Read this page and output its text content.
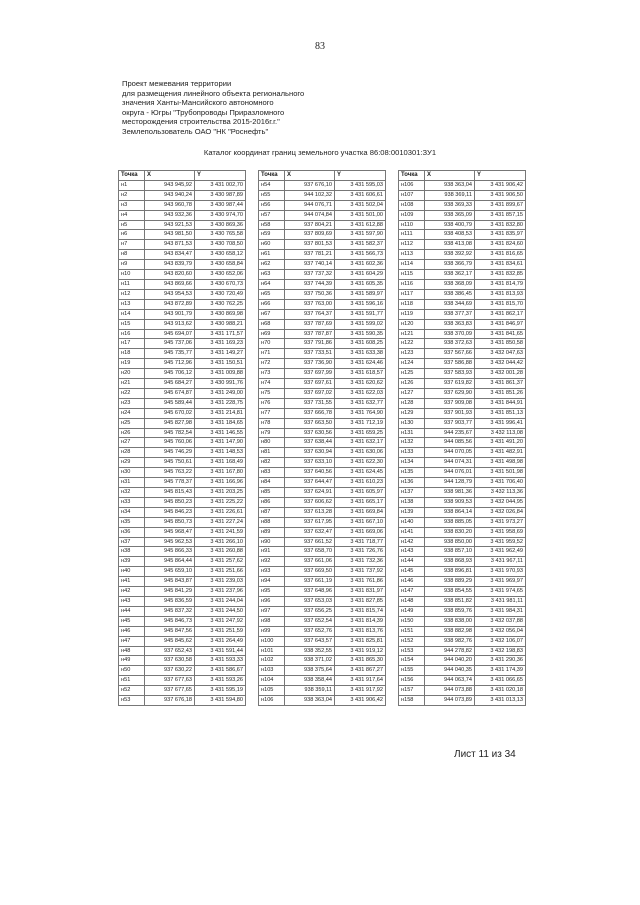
83
Проект межевания территории
для размещения линейного объекта регионального
значения Ханты-Мансийского автономного
округа - Югры "Трубопроводы Приразломного
месторождения строительства 2015-2016г.г."
Землепользователь ОАО "НК "Роснефть"
Каталог координат границ земельного участка 86:08:0010301:ЗУ1
Точка	X	Y
н1	943 945,92	3 431 002,70
н2	943 940,24	3 430 987,89
н3	943 960,78	3 430 987,44
н4	943 932,36	3 430 974,70
н5	943 921,53	3 430 869,36
н6	943 981,50	3 430 765,58
н7	943 871,53	3 430 708,50
н8	943 834,47	3 430 658,12
н9	943 839,79	3 430 658,84
н10	943 820,60	3 430 652,06
н11	943 869,66	3 430 670,73
н12	943 954,53	3 430 720,49
н13	943 872,89	3 430 762,25
н14	943 901,79	3 430 869,98
н15	943 913,62	3 430 988,21
н16	945 694,07	3 431 171,57
н17	945 737,06	3 431 169,23
н18	945 735,77	3 431 149,27
н19	945 712,96	3 431 150,51
н20	945 706,12	3 431 009,88
н21	945 684,27	3 430 991,76
н22	945 674,87	3 431 249,00
н23	945 589,44	3 431 228,75
н24	945 670,02	3 431 214,81
н25	945 827,98	3 431 184,65
н26	945 782,54	3 431 146,55
н27	945 760,06	3 431 147,90
н28	945 746,29	3 431 148,53
н29	945 750,61	3 431 168,49
н30	945 763,22	3 431 167,80
н31	945 778,37	3 431 166,96
н32	945 815,43	3 431 203,25
н33	945 850,23	3 431 225,22
н34	945 846,23	3 431 226,61
н35	945 850,73	3 431 227,24
н36	945 968,47	3 431 241,59
н37	945 962,53	3 431 266,10
н38	945 866,33	3 431 260,88
н39	945 864,44	3 431 257,62
н40	945 659,10	3 431 251,66
н41	945 843,87	3 431 239,03
н42	945 841,29	3 431 237,96
н43	945 836,59	3 431 244,04
н44	945 837,32	3 431 244,50
н45	945 846,73	3 431 247,92
н46	945 847,56	3 431 251,59
н47	945 845,62	3 431 264,49
н48	937 652,43	3 431 591,44
н49	937 630,58	3 431 593,33
н50	937 630,22	3 431 586,67
н51	937 677,63	3 431 593,26
н52	937 677,65	3 431 595,19
н53	937 676,18	3 431 594,80
Точка	X	Y
н54	937 676,10	3 431 595,03
н55	944 102,32	3 431 606,61
н56	944 076,71	3 431 502,04
н57	944 074,84	3 431 501,00
н58	937 804,21	3 431 612,88
н59	937 809,69	3 431 597,90
н60	937 801,53	3 431 582,37
н61	937 781,21	3 431 566,73
н62	937 740,14	3 431 602,36
н63	937 737,32	3 431 604,29
н64	937 744,39	3 431 605,35
н65	937 750,36	3 431 589,97
н66	937 763,00	3 431 596,16
н67	937 764,37	3 431 591,77
н68	937 787,69	3 431 599,02
н69	937 787,87	3 431 590,35
н70	937 791,86	3 431 608,25
н71	937 733,51	3 431 633,38
н72	937 736,90	3 431 624,46
н73	937 697,99	3 431 618,57
н74	937 697,61	3 431 620,62
н75	937 697,02	3 431 622,03
н76	937 731,55	3 431 632,77
н77	937 666,78	3 431 764,90
н78	937 663,50	3 431 712,19
н79	937 630,56	3 431 659,25
н80	937 638,44	3 431 632,17
н81	937 630,94	3 431 630,06
н82	937 633,10	3 431 622,30
н83	937 640,56	3 431 624,45
н84	937 644,47	3 431 610,23
н85	937 624,91	3 431 605,97
н86	937 606,62	3 431 665,17
н87	937 613,28	3 431 669,84
н88	937 617,95	3 431 667,10
н89	937 632,47	3 431 669,06
н90	937 661,52	3 431 718,77
н91	937 658,70	3 431 726,76
н92	937 661,06	3 431 732,36
н93	937 669,50	3 431 737,92
н94	937 661,19	3 431 761,86
н95	937 648,96	3 431 831,97
н96	937 653,03	3 431 827,85
н97	937 656,25	3 431 815,74
н98	937 652,54	3 431 814,39
н99	937 652,76	3 431 813,76
н100	937 643,57	3 431 825,81
н101	938 352,55	3 431 919,12
н102	938 371,02	3 431 865,30
н103	938 375,64	3 431 867,27
н104	938 358,44	3 431 917,64
н105	938 359,11	3 431 917,92
н106	938 363,04	3 431 906,42
Точка	X	Y
н106	938 363,04	3 431 906,42
н107	938 369,11	3 431 906,50
н108	938 369,33	3 431 899,67
н109	938 365,09	3 431 857,15
н110	938 400,79	3 431 832,80
н111	938 408,53	3 431 835,97
н112	938 413,08	3 431 824,60
н113	938 392,92	3 431 816,65
н114	938 366,79	3 431 834,61
н115	938 362,17	3 431 832,85
н116	938 368,09	3 431 814,79
н117	938 386,45	3 431 813,93
н118	938 344,69	3 431 815,70
н119	938 377,37	3 431 862,17
н120	938 363,83	3 431 846,97
н121	938 370,09	3 431 841,65
н122	938 372,63	3 431 850,58
н123	937 567,66	3 432 047,63
н124	937 586,88	3 432 044,42
н125	937 583,93	3 432 001,28
н126	937 619,82	3 431 861,37
н127	937 629,90	3 431 851,26
н128	937 909,08	3 431 844,91
н129	937 901,93	3 431 851,13
н130	937 903,77	3 431 996,41
н131	944 235,67	3 432 113,08
н132	944 085,56	3 431 491,20
н133	944 070,05	3 431 482,91
н134	944 074,31	3 431 498,98
н135	944 076,01	3 431 501,98
н136	944 128,79	3 431 706,40
н137	938 981,36	3 432 113,36
н138	938 909,53	3 432 044,95
н139	938 864,14	3 432 026,84
н140	938 885,05	3 431 973,27
н141	938 830,20	3 431 958,69
н142	938 850,00	3 431 959,52
н143	938 857,10	3 431 962,49
н144	938 868,93	3 431 967,11
н145	938 896,81	3 431 970,93
н146	938 889,29	3 431 969,97
н147	938 854,55	3 431 974,65
н148	938 851,82	3 431 981,11
н149	938 859,76	3 431 984,31
н150	938 838,00	3 432 037,88
н151	938 882,98	3 432 056,04
н152	938 982,76	3 432 106,07
н153	944 278,82	3 432 198,83
н154	944 040,20	3 431 290,36
н155	944 040,35	3 431 174,39
н156	944 063,74	3 431 066,65
н157	944 073,88	3 431 020,18
н158	944 073,89	3 431 013,13
Лист 11 из 34
